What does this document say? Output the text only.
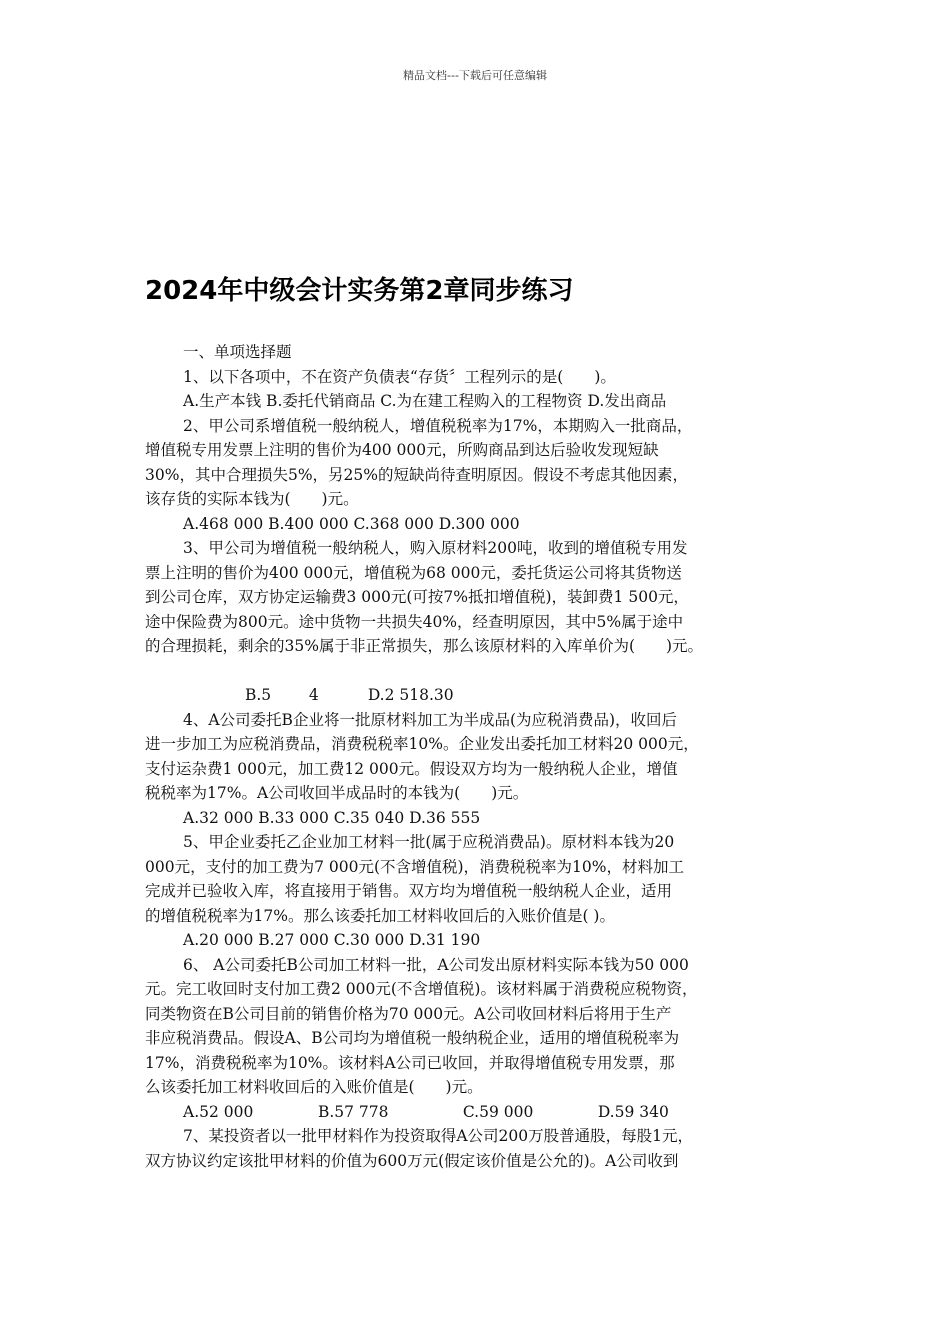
精品文档---下载后可任意编辑
2024年中级会计实务第2章同步练习
一、单项选择题
1、以下各项中，不在资产负债表“存货〞工程列示的是(　　)。
A.生产本钱 B.委托代销商品 C.为在建工程购入的工程物资 D.发出商品
2、甲公司系增值税一般纳税人，增值税税率为17%，本期购入一批商品，
增值税专用发票上注明的售价为400 000元，所购商品到达后验收发现短缺
30%，其中合理损失5%，另25%的短缺尚待查明原因。假设不考虑其他因素，
该存货的实际本钱为(　　)元。
A.468 000 B.400 000 C.368 000 D.300 000
3、甲公司为增值税一般纳税人，购入原材料200吨，收到的增值税专用发
票上注明的售价为400 000元，增值税为68 000元，委托货运公司将其货物送
到公司仓库，双方协定运输费3 000元(可按7%抵扣增值税)，装卸费1 500元，
途中保险费为800元。途中货物一共损失40%，经查明原因，其中5%属于途中
的合理损耗，剩余的35%属于非正常损失，那么该原材料的入库单价为(　　)元。
B.5 4	D.2 518.30
4、A公司委托B企业将一批原材料加工为半成品(为应税消费品)，收回后
进一步加工为应税消费品，消费税税率10%。企业发出委托加工材料20 000元，
支付运杂费1 000元，加工费12 000元。假设双方均为一般纳税人企业，增值
税税率为17%。A公司收回半成品时的本钱为(　　)元。
A.32 000 B.33 000 C.35 040 D.36 555
5、甲企业委托乙企业加工材料一批(属于应税消费品)。原材料本钱为20
000元，支付的加工费为7 000元(不含增值税)，消费税税率为10%，材料加工
完成并已验收入库，将直接用于销售。双方均为增值税一般纳税人企业，适用
的增值税税率为17%。那么该委托加工材料收回后的入账价值是( )。
A.20 000 B.27 000 C.30 000 D.31 190
6、 A公司委托B公司加工材料一批，A公司发出原材料实际本钱为50 000
元。完工收回时支付加工费2 000元(不含增值税)。该材料属于消费税应税物资，
同类物资在B公司目前的销售价格为70 000元。A公司收回材料后将用于生产
非应税消费品。假设A、B公司均为增值税一般纳税企业，适用的增值税税率为
17%，消费税税率为10%。该材料A公司已收回，并取得增值税专用发票，那
么该委托加工材料收回后的入账价值是(　　)元。
A.52 000	B.57 778	C.59 000	D.59 340
7、某投资者以一批甲材料作为投资取得A公司200万股普通股，每股1元，
双方协议约定该批甲材料的价值为600万元(假定该价值是公允的)。A公司收到
